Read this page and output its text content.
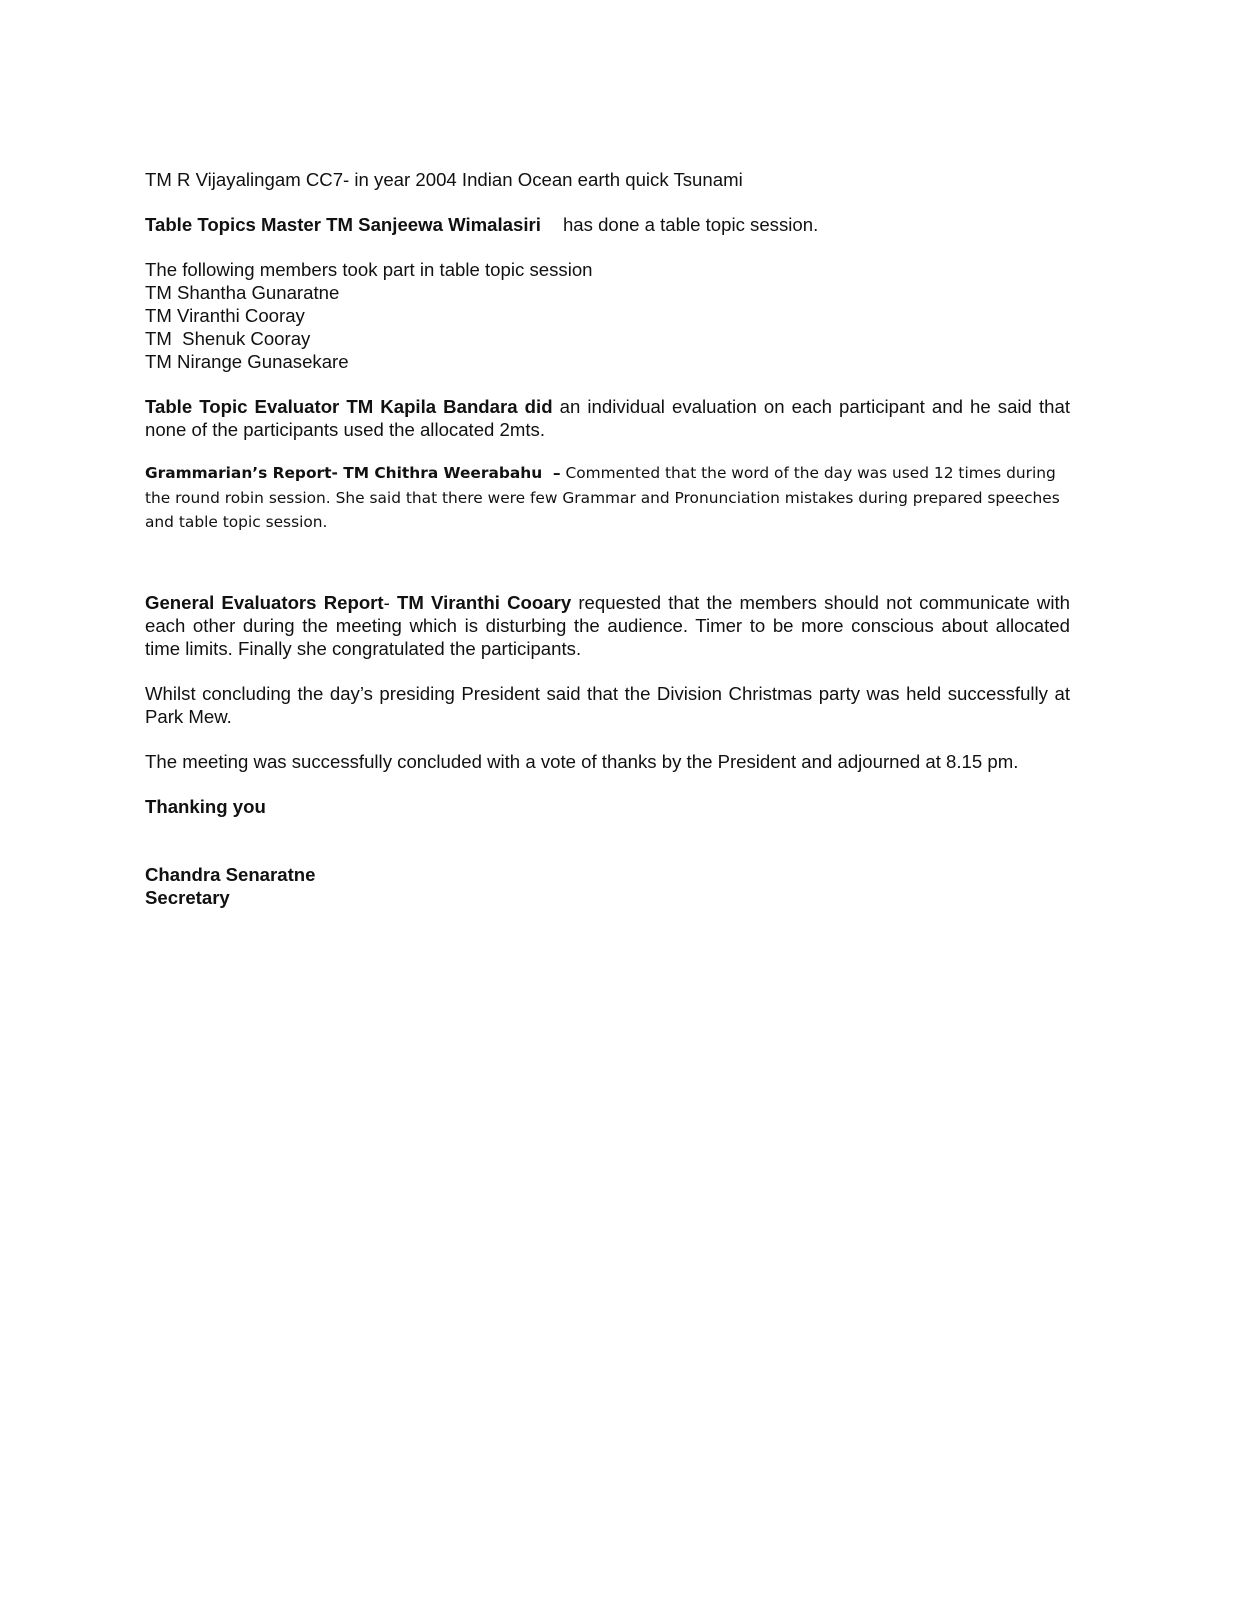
TM R Vijayalingam CC7- in year 2004 Indian Ocean earth quick Tsunami

Table Topics Master TM Sanjeewa Wimalasiri has done a table topic session.

The following members took part in table topic session
TM Shantha Gunaratne
TM Viranthi Cooray
TM  Shenuk Cooray
TM Nirange Gunasekare

Table Topic Evaluator TM Kapila Bandara did an individual evaluation on each participant and he said that none of the participants used the allocated 2mts.

Grammarian’s Report- TM Chithra Weerabahu  – Commented that the word of the day was used 12 times during the round robin session. She said that there were few Grammar and Pronunciation mistakes during prepared speeches and table topic session.

General Evaluators Report- TM Viranthi Cooary requested that the members should not communicate with each other during the meeting which is disturbing the audience. Timer to be more conscious about allocated time limits. Finally she congratulated the participants.

Whilst concluding the day’s presiding President said that the Division Christmas party was held successfully at Park Mew.

The meeting was successfully concluded with a vote of thanks by the President and adjourned at 8.15 pm.

Thanking you

Chandra Senaratne
Secretary
